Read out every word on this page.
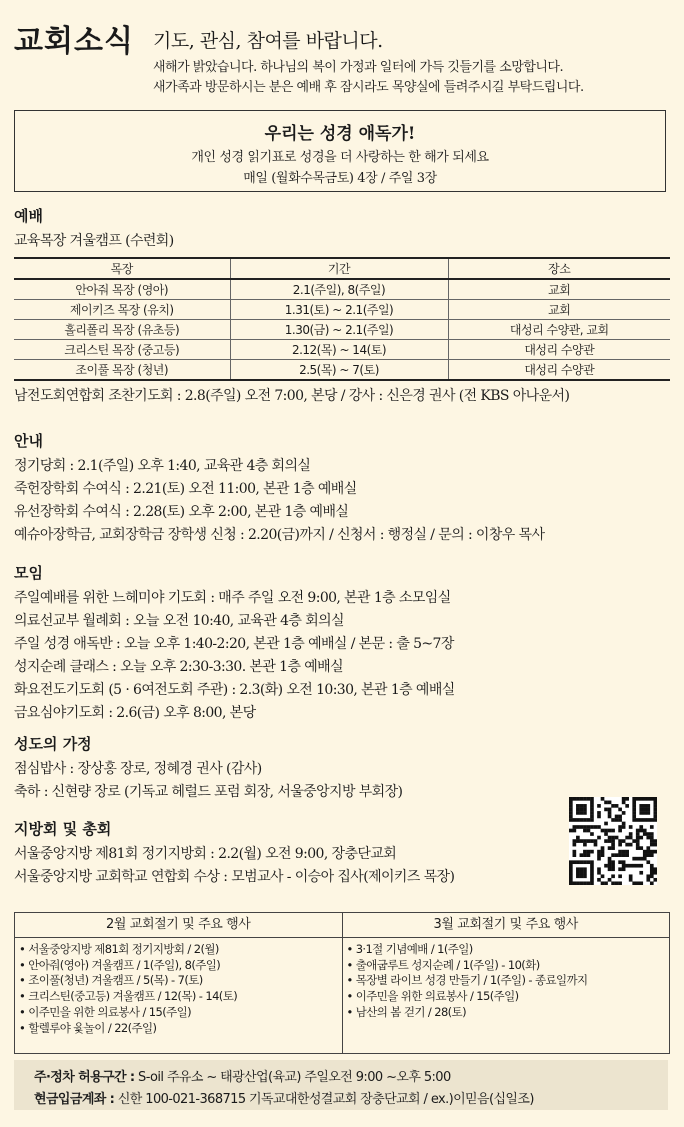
교회소식 기도, 관심, 참여를 바랍니다.
새해가 밝았습니다. 하나님의 복이 가정과 일터에 가득 깃들기를 소망합니다.
새가족과 방문하시는 분은 예배 후 잠시라도 목양실에 들려주시길 부탁드립니다.
우리는 성경 애독가!
개인 성경 읽기표로 성경을 더 사랑하는 한 해가 되세요
매일 (월화수목금토) 4장 / 주일 3장
예배
교육목장 겨울캠프 (수련회)
목장	기간	장소
안아줘 목장 (영아)	2.1(주일), 8(주일)	교회
제이키즈 목장 (유치)	1.31(토) ~ 2.1(주일)	교회
홀리폴리 목장 (유초등)	1.30(금) ~ 2.1(주일)	대성리 수양관, 교회
크리스틴 목장 (중고등)	2.12(목) ~ 14(토)	대성리 수양관
조이풀 목장 (청년)	2.5(목) ~ 7(토)	대성리 수양관
남전도회연합회 조찬기도회 : 2.8(주일) 오전 7:00, 본당 / 강사 : 신은경 권사 (전 KBS 아나운서)
안내
정기당회 : 2.1(주일) 오후 1:40, 교육관 4층 회의실
죽헌장학회 수여식 : 2.21(토) 오전 11:00, 본관 1층 예배실
유선장학회 수여식 : 2.28(토) 오후 2:00, 본관 1층 예배실
예슈아장학금, 교회장학금 장학생 신청 : 2.20(금)까지 / 신청서 : 행정실 / 문의 : 이창우 목사
모임
주일예배를 위한 느헤미야 기도회 : 매주 주일 오전 9:00, 본관 1층 소모임실
의료선교부 월례회 : 오늘 오전 10:40, 교육관 4층 회의실
주일 성경 애독반 : 오늘 오후 1:40-2:20, 본관 1층 예배실 / 본문 : 출 5~7장
성지순례 클래스 : 오늘 오후 2:30-3:30. 본관 1층 예배실
화요전도기도회 (5 · 6여전도회 주관) : 2.3(화) 오전 10:30, 본관 1층 예배실
금요심야기도회 : 2.6(금) 오후 8:00, 본당
성도의 가정
점심밥사 : 장상홍 장로, 정혜경 권사 (감사)
축하 : 신현량 장로 (기독교 헤럴드 포럼 회장, 서울중앙지방 부회장)
지방회 및 총회
서울중앙지방 제81회 정기지방회 : 2.2(월) 오전 9:00, 장충단교회
서울중앙지방 교회학교 연합회 수상 : 모범교사 - 이승아 집사(제이키즈 목장)
2월 교회절기 및 주요 행사
• 서울중앙지방 제81회 정기지방회 / 2(월)
• 안아줘(영아) 겨울캠프 / 1(주일), 8(주일)
• 조이풀(청년) 겨울캠프 / 5(목) - 7(토)
• 크리스틴(중고등) 겨울캠프 / 12(목) - 14(토)
• 이주민을 위한 의료봉사 / 15(주일)
• 할렐루야 윷놀이 / 22(주일)
3월 교회절기 및 주요 행사
• 3·1절 기념예배 / 1(주일)
• 출애굽루트 성지순례 / 1(주일) - 10(화)
• 목장별 라이브 성경 만들기 / 1(주일) - 종료일까지
• 이주민을 위한 의료봉사 / 15(주일)
• 남산의 봄 걷기 / 28(토)
주·정차 허용구간 : S-oil 주유소 ~ 태광산업(육교) 주일오전 9:00 ~오후 5:00
현금입금계좌 : 신한 100-021-368715 기독교대한성결교회 장충단교회 / ex.)이믿음(십일조)
